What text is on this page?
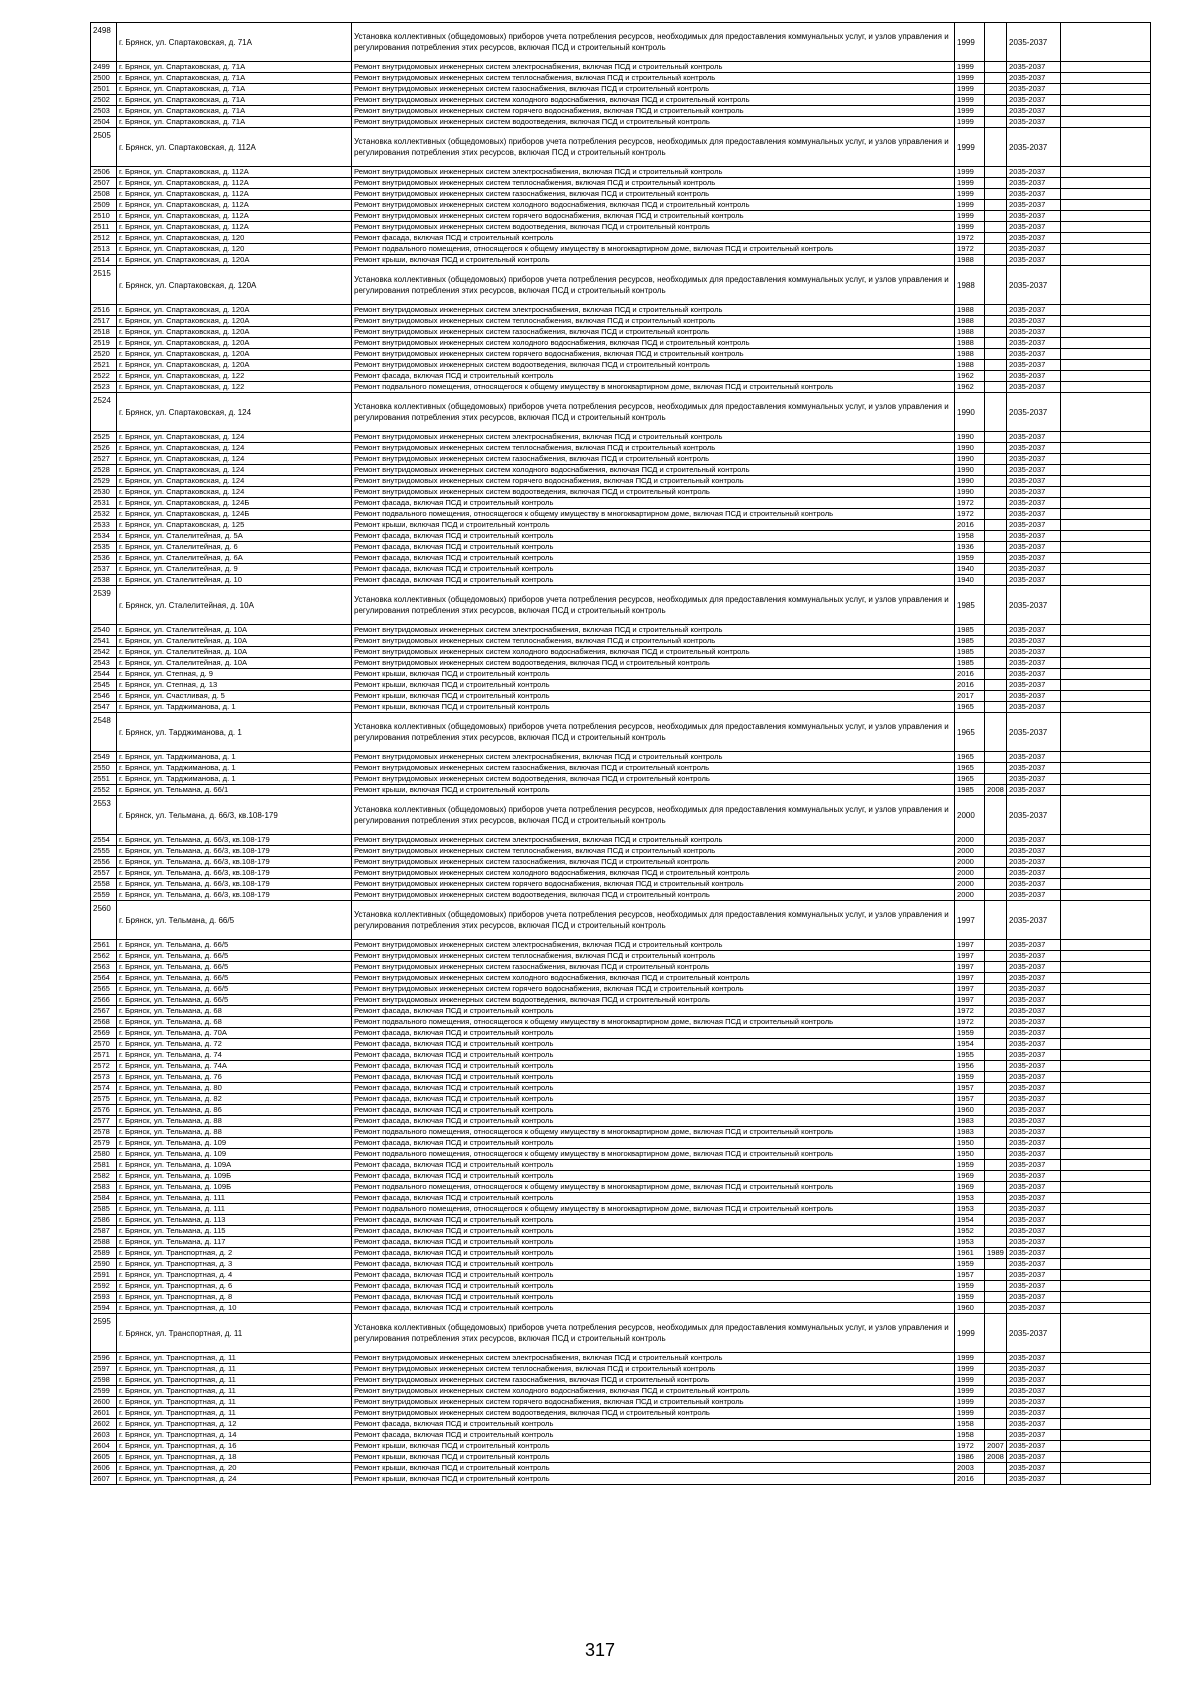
2498	г. Брянск, ул. Спартаковская, д. 71А	Установка коллективных (общедомовых) приборов учета потребления ресурсов, необходимых для предоставления коммунальных услуг, и узлов управления и регулирования потребления этих ресурсов, включая ПСД и строительный контроль	1999		2035-2037	
2499	г. Брянск, ул. Спартаковская, д. 71А	Ремонт внутридомовых инженерных систем электроснабжения, включая ПСД и строительный контроль	1999		2035-2037	
2500	г. Брянск, ул. Спартаковская, д. 71А	Ремонт внутридомовых инженерных систем теплоснабжения, включая ПСД и строительный контроль	1999		2035-2037	
2501	г. Брянск, ул. Спартаковская, д. 71А	Ремонт внутридомовых инженерных систем газоснабжения, включая ПСД и строительный контроль	1999		2035-2037	
2502	г. Брянск, ул. Спартаковская, д. 71А	Ремонт внутридомовых инженерных систем холодного водоснабжения, включая ПСД и строительный контроль	1999		2035-2037	
2503	г. Брянск, ул. Спартаковская, д. 71А	Ремонт внутридомовых инженерных систем горячего водоснабжения, включая ПСД и строительный контроль	1999		2035-2037	
2504	г. Брянск, ул. Спартаковская, д. 71А	Ремонт внутридомовых инженерных систем водоотведения, включая ПСД и строительный контроль	1999		2035-2037	
2505	г. Брянск, ул. Спартаковская, д. 112А	Установка коллективных (общедомовых) приборов учета потребления ресурсов, необходимых для предоставления коммунальных услуг, и узлов управления и регулирования потребления этих ресурсов, включая ПСД и строительный контроль	1999		2035-2037	
2506	г. Брянск, ул. Спартаковская, д. 112А	Ремонт внутридомовых инженерных систем электроснабжения, включая ПСД и строительный контроль	1999		2035-2037	
2507	г. Брянск, ул. Спартаковская, д. 112А	Ремонт внутридомовых инженерных систем теплоснабжения, включая ПСД и строительный контроль	1999		2035-2037	
2508	г. Брянск, ул. Спартаковская, д. 112А	Ремонт внутридомовых инженерных систем газоснабжения, включая ПСД и строительный контроль	1999		2035-2037	
2509	г. Брянск, ул. Спартаковская, д. 112А	Ремонт внутридомовых инженерных систем холодного водоснабжения, включая ПСД и строительный контроль	1999		2035-2037	
2510	г. Брянск, ул. Спартаковская, д. 112А	Ремонт внутридомовых инженерных систем горячего водоснабжения, включая ПСД и строительный контроль	1999		2035-2037	
2511	г. Брянск, ул. Спартаковская, д. 112А	Ремонт внутридомовых инженерных систем водоотведения, включая ПСД и строительный контроль	1999		2035-2037	
2512	г. Брянск, ул. Спартаковская, д. 120	Ремонт фасада, включая ПСД и строительный контроль	1972		2035-2037	
2513	г. Брянск, ул. Спартаковская, д. 120	Ремонт подвального помещения, относящегося к общему имуществу в многоквартирном доме, включая ПСД и строительный контроль	1972		2035-2037	
2514	г. Брянск, ул. Спартаковская, д. 120А	Ремонт крыши, включая ПСД и строительный контроль	1988		2035-2037	
2515	г. Брянск, ул. Спартаковская, д. 120А	Установка коллективных (общедомовых) приборов учета потребления ресурсов, необходимых для предоставления коммунальных услуг, и узлов управления и регулирования потребления этих ресурсов, включая ПСД и строительный контроль	1988		2035-2037	
2516	г. Брянск, ул. Спартаковская, д. 120А	Ремонт внутридомовых инженерных систем электроснабжения, включая ПСД и строительный контроль	1988		2035-2037	
2517	г. Брянск, ул. Спартаковская, д. 120А	Ремонт внутридомовых инженерных систем теплоснабжения, включая ПСД и строительный контроль	1988		2035-2037	
2518	г. Брянск, ул. Спартаковская, д. 120А	Ремонт внутридомовых инженерных систем газоснабжения, включая ПСД и строительный контроль	1988		2035-2037	
2519	г. Брянск, ул. Спартаковская, д. 120А	Ремонт внутридомовых инженерных систем холодного водоснабжения, включая ПСД и строительный контроль	1988		2035-2037	
2520	г. Брянск, ул. Спартаковская, д. 120А	Ремонт внутридомовых инженерных систем горячего водоснабжения, включая ПСД и строительный контроль	1988		2035-2037	
2521	г. Брянск, ул. Спартаковская, д. 120А	Ремонт внутридомовых инженерных систем водоотведения, включая ПСД и строительный контроль	1988		2035-2037	
2522	г. Брянск, ул. Спартаковская, д. 122	Ремонт фасада, включая ПСД и строительный контроль	1962		2035-2037	
2523	г. Брянск, ул. Спартаковская, д. 122	Ремонт подвального помещения, относящегося к общему имуществу в многоквартирном доме, включая ПСД и строительный контроль	1962		2035-2037	
2524	г. Брянск, ул. Спартаковская, д. 124	Установка коллективных (общедомовых) приборов учета потребления ресурсов, необходимых для предоставления коммунальных услуг, и узлов управления и регулирования потребления этих ресурсов, включая ПСД и строительный контроль	1990		2035-2037	
2525	г. Брянск, ул. Спартаковская, д. 124	Ремонт внутридомовых инженерных систем электроснабжения, включая ПСД и строительный контроль	1990		2035-2037	
2526	г. Брянск, ул. Спартаковская, д. 124	Ремонт внутридомовых инженерных систем теплоснабжения, включая ПСД и строительный контроль	1990		2035-2037	
2527	г. Брянск, ул. Спартаковская, д. 124	Ремонт внутридомовых инженерных систем газоснабжения, включая ПСД и строительный контроль	1990		2035-2037	
2528	г. Брянск, ул. Спартаковская, д. 124	Ремонт внутридомовых инженерных систем холодного водоснабжения, включая ПСД и строительный контроль	1990		2035-2037	
2529	г. Брянск, ул. Спартаковская, д. 124	Ремонт внутридомовых инженерных систем горячего водоснабжения, включая ПСД и строительный контроль	1990		2035-2037	
2530	г. Брянск, ул. Спартаковская, д. 124	Ремонт внутридомовых инженерных систем водоотведения, включая ПСД и строительный контроль	1990		2035-2037	
2531	г. Брянск, ул. Спартаковская, д. 124Б	Ремонт фасада, включая ПСД и строительный контроль	1972		2035-2037	
2532	г. Брянск, ул. Спартаковская, д. 124Б	Ремонт подвального помещения, относящегося к общему имуществу в многоквартирном доме, включая ПСД и строительный контроль	1972		2035-2037	
2533	г. Брянск, ул. Спартаковская, д. 125	Ремонт крыши, включая ПСД и строительный контроль	2016		2035-2037	
2534	г. Брянск, ул. Сталелитейная, д. 5А	Ремонт фасада, включая ПСД и строительный контроль	1958		2035-2037	
2535	г. Брянск, ул. Сталелитейная, д. 6	Ремонт фасада, включая ПСД и строительный контроль	1936		2035-2037	
2536	г. Брянск, ул. Сталелитейная, д. 6А	Ремонт фасада, включая ПСД и строительный контроль	1959		2035-2037	
2537	г. Брянск, ул. Сталелитейная, д. 9	Ремонт фасада, включая ПСД и строительный контроль	1940		2035-2037	
2538	г. Брянск, ул. Сталелитейная, д. 10	Ремонт фасада, включая ПСД и строительный контроль	1940		2035-2037	
2539	г. Брянск, ул. Сталелитейная, д. 10А	Установка коллективных (общедомовых) приборов учета потребления ресурсов, необходимых для предоставления коммунальных услуг, и узлов управления и регулирования потребления этих ресурсов, включая ПСД и строительный контроль	1985		2035-2037	
2540	г. Брянск, ул. Сталелитейная, д. 10А	Ремонт внутридомовых инженерных систем электроснабжения, включая ПСД и строительный контроль	1985		2035-2037	
2541	г. Брянск, ул. Сталелитейная, д. 10А	Ремонт внутридомовых инженерных систем теплоснабжения, включая ПСД и строительный контроль	1985		2035-2037	
2542	г. Брянск, ул. Сталелитейная, д. 10А	Ремонт внутридомовых инженерных систем холодного водоснабжения, включая ПСД и строительный контроль	1985		2035-2037	
2543	г. Брянск, ул. Сталелитейная, д. 10А	Ремонт внутридомовых инженерных систем водоотведения, включая ПСД и строительный контроль	1985		2035-2037	
2544	г. Брянск, ул. Степная, д. 9	Ремонт крыши, включая ПСД и строительный контроль	2016		2035-2037	
2545	г. Брянск, ул. Степная, д. 13	Ремонт крыши, включая ПСД и строительный контроль	2016		2035-2037	
2546	г. Брянск, ул. Счастливая, д. 5	Ремонт крыши, включая ПСД и строительный контроль	2017		2035-2037	
2547	г. Брянск, ул. Тарджиманова, д. 1	Ремонт крыши, включая ПСД и строительный контроль	1965		2035-2037	
2548	г. Брянск, ул. Тарджиманова, д. 1	Установка коллективных (общедомовых) приборов учета потребления ресурсов, необходимых для предоставления коммунальных услуг, и узлов управления и регулирования потребления этих ресурсов, включая ПСД и строительный контроль	1965		2035-2037	
2549	г. Брянск, ул. Тарджиманова, д. 1	Ремонт внутридомовых инженерных систем электроснабжения, включая ПСД и строительный контроль	1965		2035-2037	
2550	г. Брянск, ул. Тарджиманова, д. 1	Ремонт внутридомовых инженерных систем газоснабжения, включая ПСД и строительный контроль	1965		2035-2037	
2551	г. Брянск, ул. Тарджиманова, д. 1	Ремонт внутридомовых инженерных систем водоотведения, включая ПСД и строительный контроль	1965		2035-2037	
2552	г. Брянск, ул. Тельмана, д. 66/1	Ремонт крыши, включая ПСД и строительный контроль	1985	2008	2035-2037	
2553	г. Брянск, ул. Тельмана, д. 66/3, кв.108-179	Установка коллективных (общедомовых) приборов учета потребления ресурсов, необходимых для предоставления коммунальных услуг, и узлов управления и регулирования потребления этих ресурсов, включая ПСД и строительный контроль	2000		2035-2037	
2554	г. Брянск, ул. Тельмана, д. 66/3, кв.108-179	Ремонт внутридомовых инженерных систем электроснабжения, включая ПСД и строительный контроль	2000		2035-2037	
2555	г. Брянск, ул. Тельмана, д. 66/3, кв.108-179	Ремонт внутридомовых инженерных систем теплоснабжения, включая ПСД и строительный контроль	2000		2035-2037	
2556	г. Брянск, ул. Тельмана, д. 66/3, кв.108-179	Ремонт внутридомовых инженерных систем газоснабжения, включая ПСД и строительный контроль	2000		2035-2037	
2557	г. Брянск, ул. Тельмана, д. 66/3, кв.108-179	Ремонт внутридомовых инженерных систем холодного водоснабжения, включая ПСД и строительный контроль	2000		2035-2037	
2558	г. Брянск, ул. Тельмана, д. 66/3, кв.108-179	Ремонт внутридомовых инженерных систем горячего водоснабжения, включая ПСД и строительный контроль	2000		2035-2037	
2559	г. Брянск, ул. Тельмана, д. 66/3, кв.108-179	Ремонт внутридомовых инженерных систем водоотведения, включая ПСД и строительный контроль	2000		2035-2037	
2560	г. Брянск, ул. Тельмана, д. 66/5	Установка коллективных (общедомовых) приборов учета потребления ресурсов, необходимых для предоставления коммунальных услуг, и узлов управления и регулирования потребления этих ресурсов, включая ПСД и строительный контроль	1997		2035-2037	
2561	г. Брянск, ул. Тельмана, д. 66/5	Ремонт внутридомовых инженерных систем электроснабжения, включая ПСД и строительный контроль	1997		2035-2037	
2562	г. Брянск, ул. Тельмана, д. 66/5	Ремонт внутридомовых инженерных систем теплоснабжения, включая ПСД и строительный контроль	1997		2035-2037	
2563	г. Брянск, ул. Тельмана, д. 66/5	Ремонт внутридомовых инженерных систем газоснабжения, включая ПСД и строительный контроль	1997		2035-2037	
2564	г. Брянск, ул. Тельмана, д. 66/5	Ремонт внутридомовых инженерных систем холодного водоснабжения, включая ПСД и строительный контроль	1997		2035-2037	
2565	г. Брянск, ул. Тельмана, д. 66/5	Ремонт внутридомовых инженерных систем горячего водоснабжения, включая ПСД и строительный контроль	1997		2035-2037	
2566	г. Брянск, ул. Тельмана, д. 66/5	Ремонт внутридомовых инженерных систем водоотведения, включая ПСД и строительный контроль	1997		2035-2037	
2567	г. Брянск, ул. Тельмана, д. 68	Ремонт фасада, включая ПСД и строительный контроль	1972		2035-2037	
2568	г. Брянск, ул. Тельмана, д. 68	Ремонт подвального помещения, относящегося к общему имуществу в многоквартирном доме, включая ПСД и строительный контроль	1972		2035-2037	
2569	г. Брянск, ул. Тельмана, д. 70А	Ремонт фасада, включая ПСД и строительный контроль	1959		2035-2037	
2570	г. Брянск, ул. Тельмана, д. 72	Ремонт фасада, включая ПСД и строительный контроль	1954		2035-2037	
2571	г. Брянск, ул. Тельмана, д. 74	Ремонт фасада, включая ПСД и строительный контроль	1955		2035-2037	
2572	г. Брянск, ул. Тельмана, д. 74А	Ремонт фасада, включая ПСД и строительный контроль	1956		2035-2037	
2573	г. Брянск, ул. Тельмана, д. 76	Ремонт фасада, включая ПСД и строительный контроль	1959		2035-2037	
2574	г. Брянск, ул. Тельмана, д. 80	Ремонт фасада, включая ПСД и строительный контроль	1957		2035-2037	
2575	г. Брянск, ул. Тельмана, д. 82	Ремонт фасада, включая ПСД и строительный контроль	1957		2035-2037	
2576	г. Брянск, ул. Тельмана, д. 86	Ремонт фасада, включая ПСД и строительный контроль	1960		2035-2037	
2577	г. Брянск, ул. Тельмана, д. 88	Ремонт фасада, включая ПСД и строительный контроль	1983		2035-2037	
2578	г. Брянск, ул. Тельмана, д. 88	Ремонт подвального помещения, относящегося к общему имуществу в многоквартирном доме, включая ПСД и строительный контроль	1983		2035-2037	
2579	г. Брянск, ул. Тельмана, д. 109	Ремонт фасада, включая ПСД и строительный контроль	1950		2035-2037	
2580	г. Брянск, ул. Тельмана, д. 109	Ремонт подвального помещения, относящегося к общему имуществу в многоквартирном доме, включая ПСД и строительный контроль	1950		2035-2037	
2581	г. Брянск, ул. Тельмана, д. 109А	Ремонт фасада, включая ПСД и строительный контроль	1959		2035-2037	
2582	г. Брянск, ул. Тельмана, д. 109Б	Ремонт фасада, включая ПСД и строительный контроль	1969		2035-2037	
2583	г. Брянск, ул. Тельмана, д. 109Б	Ремонт подвального помещения, относящегося к общему имуществу в многоквартирном доме, включая ПСД и строительный контроль	1969		2035-2037	
2584	г. Брянск, ул. Тельмана, д. 111	Ремонт фасада, включая ПСД и строительный контроль	1953		2035-2037	
2585	г. Брянск, ул. Тельмана, д. 111	Ремонт подвального помещения, относящегося к общему имуществу в многоквартирном доме, включая ПСД и строительный контроль	1953		2035-2037	
2586	г. Брянск, ул. Тельмана, д. 113	Ремонт фасада, включая ПСД и строительный контроль	1954		2035-2037	
2587	г. Брянск, ул. Тельмана, д. 115	Ремонт фасада, включая ПСД и строительный контроль	1952		2035-2037	
2588	г. Брянск, ул. Тельмана, д. 117	Ремонт фасада, включая ПСД и строительный контроль	1953		2035-2037	
2589	г. Брянск, ул. Транспортная, д. 2	Ремонт фасада, включая ПСД и строительный контроль	1961	1989	2035-2037	
2590	г. Брянск, ул. Транспортная, д. 3	Ремонт фасада, включая ПСД и строительный контроль	1959		2035-2037	
2591	г. Брянск, ул. Транспортная, д. 4	Ремонт фасада, включая ПСД и строительный контроль	1957		2035-2037	
2592	г. Брянск, ул. Транспортная, д. 6	Ремонт фасада, включая ПСД и строительный контроль	1959		2035-2037	
2593	г. Брянск, ул. Транспортная, д. 8	Ремонт фасада, включая ПСД и строительный контроль	1959		2035-2037	
2594	г. Брянск, ул. Транспортная, д. 10	Ремонт фасада, включая ПСД и строительный контроль	1960		2035-2037	
2595	г. Брянск, ул. Транспортная, д. 11	Установка коллективных (общедомовых) приборов учета потребления ресурсов, необходимых для предоставления коммунальных услуг, и узлов управления и регулирования потребления этих ресурсов, включая ПСД и строительный контроль	1999		2035-2037	
2596	г. Брянск, ул. Транспортная, д. 11	Ремонт внутридомовых инженерных систем электроснабжения, включая ПСД и строительный контроль	1999		2035-2037	
2597	г. Брянск, ул. Транспортная, д. 11	Ремонт внутридомовых инженерных систем теплоснабжения, включая ПСД и строительный контроль	1999		2035-2037	
2598	г. Брянск, ул. Транспортная, д. 11	Ремонт внутридомовых инженерных систем газоснабжения, включая ПСД и строительный контроль	1999		2035-2037	
2599	г. Брянск, ул. Транспортная, д. 11	Ремонт внутридомовых инженерных систем холодного водоснабжения, включая ПСД и строительный контроль	1999		2035-2037	
2600	г. Брянск, ул. Транспортная, д. 11	Ремонт внутридомовых инженерных систем горячего водоснабжения, включая ПСД и строительный контроль	1999		2035-2037	
2601	г. Брянск, ул. Транспортная, д. 11	Ремонт внутридомовых инженерных систем водоотведения, включая ПСД и строительный контроль	1999		2035-2037	
2602	г. Брянск, ул. Транспортная, д. 12	Ремонт фасада, включая ПСД и строительный контроль	1958		2035-2037	
2603	г. Брянск, ул. Транспортная, д. 14	Ремонт фасада, включая ПСД и строительный контроль	1958		2035-2037	
2604	г. Брянск, ул. Транспортная, д. 16	Ремонт крыши, включая ПСД и строительный контроль	1972	2007	2035-2037	
2605	г. Брянск, ул. Транспортная, д. 18	Ремонт крыши, включая ПСД и строительный контроль	1986	2008	2035-2037	
2606	г. Брянск, ул. Транспортная, д. 20	Ремонт крыши, включая ПСД и строительный контроль	2003		2035-2037	
2607	г. Брянск, ул. Транспортная, д. 24	Ремонт крыши, включая ПСД и строительный контроль	2016		2035-2037	
317
